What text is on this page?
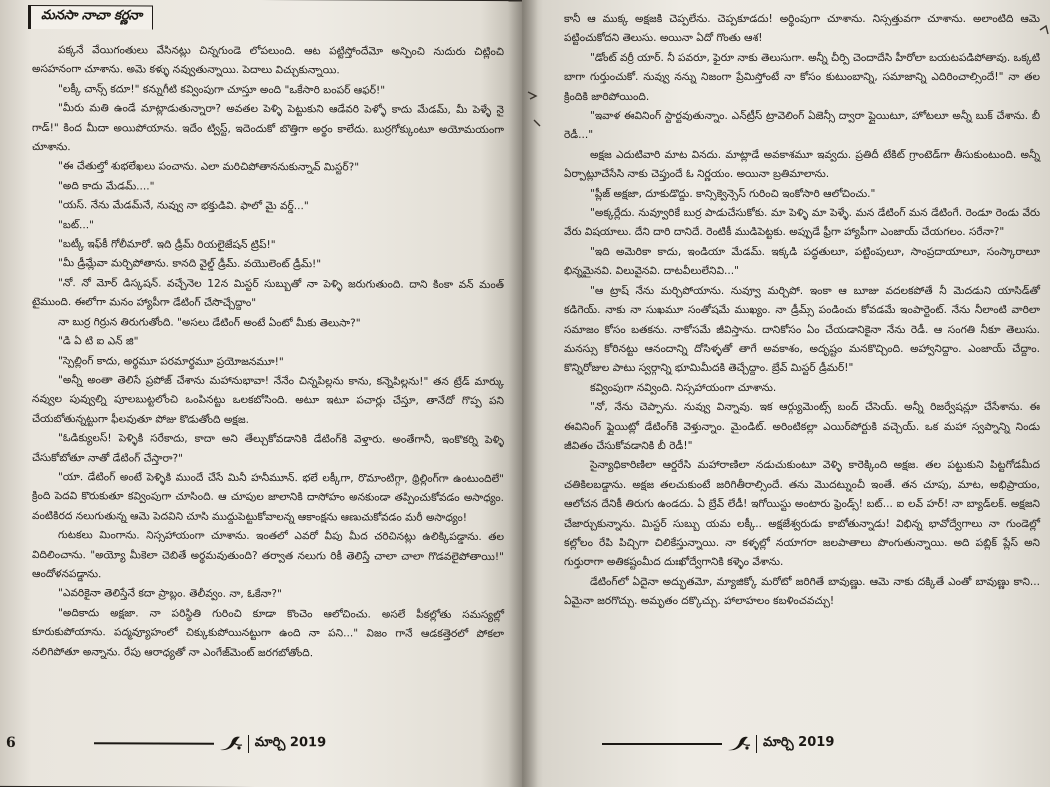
మనసా నాచా కర్ణనా

పక్కనే వేయిగంతులు వేసినట్లు చిన్నగుండె లోపలుంది. ఆట పట్టిస్తోందేమో అన్పించి నుదురు చిట్లించి అసహనంగా చూశాను. అమె కళ్ళు నవ్వుతున్నాయి. పెదాలు విచ్చుకున్నాయి.

"లక్కీ చాన్స్ కదూ!" కన్నుగీటి కవ్వింపుగా చూస్తూ అంది "ఒకేసారి బంపర్ ఆఫర్!"

"మీరు మతి ఉండే మాట్లాడుతున్నారా? అవతల పెళ్ళి పెట్టుకుని ఆడేవరి పెళ్ళో కాదు మేడమ్, మీ పెళ్ళే నై గాడ్!" కింద మీదా అయిపోయాను. ఇదేం ట్విస్ట్, ఇదెందుకో బొత్తిగా అర్థం కాలేదు. బుర్రగోక్కుంటూ అయోమయంగా చూశాను.

"ఈ చేతుల్తో శుభలేఖలు పంచాను. ఎలా మరిచిపోతాననుకున్నావ్ మిస్టర్?"

"అది కాదు మేడమ్...."

"యస్. నేను మేడమ్‌నే, నువ్వు నా భక్తుడివి. ఫాలో మై వర్డ్..."

"బట్..."

"బట్కీ ఇఫ్‌కీ గోలీమారో. ఇది డ్రీమ్ రియలైజేషన్ ట్రిప్!"

"మీ డ్రీమ్లేవా మర్చిపోతాను. కానది వైల్డ్ డ్రీమ్. వయొలెంట్ డ్రీమ్!"

"నో. నో మోర్ డిస్కషన్. వచ్చేనెల 12న మిస్టర్ సుబ్బుతో నా పెళ్ళి జరుగుతుంది. దాని కింకా వన్ మంత్ టైముంది. ఈలోగా మనం హ్యాపీగా డేటింగ్ చేసొచ్చేద్దాం"

నా బుర్ర గిర్రున తిరుగుతోంది. "అసలు డేటింగ్ అంటే ఏంటో మీకు తెలుసా?"

"డి ఏ టి ఐ ఎన్ జి"

"స్పెల్లింగ్ కాదు, అర్థమూ పరమార్థమూ ప్రయోజనమూ!"

"అన్నీ అంతా తెలిసే ప్రపోజ్ చేశాను మహానుభావా! నేనేం చిన్నపిల్లను కాను, కన్నెపిల్లను!" తన ట్రేడ్ మార్కు నవ్వుల పువ్వుల్ని పూలబుట్టలోంచి ఒంపినట్టు ఒలకబోసింది. అటూ ఇటూ పచార్లు చేస్తూ, తానేదో గొప్ప పని చేయబోతున్నట్టుగా ఫీలవుతూ పోజు కొడుతోంది అక్షజ.

"ఓడిక్యులస్! పెళ్ళికి సరేకాదు, కాదా అని తేల్చుకోవడానికి డేటింగ్‌కి వెళ్తారు. అంతేగానీ, ఇంకొకర్ని పెళ్ళి చేసుకోబోతూ నాతో డేటింగ్ చేస్తారా?"

"యా. డేటింగ్ అంటే పెళ్ళికి ముందే చేసే మినీ హనీమూన్. భలే లక్కీగా, రొమాంటిగ్గా, థ్రిల్లింగ్‌గా ఉంటుందిలే" క్రింది పెదవి కొరుకుతూ కవ్వింపుగా చూసింది. ఆ చూపుల జాలానికి దాసోహం అనకుండా తప్పించుకోవడం అసాధ్యం. వంటికిరద నలుగుతున్న ఆమె పెదవిని చూసి ముద్దుపెట్టుకోవాలన్న ఆకాంక్షను ఆణుచుకోవడం మరీ అసాధ్యం!

గుటకలు మింగాను. నిస్సహాయంగా చూశాను. ఇంతలో ఎవరో వీపు మీద చరిచినట్లు ఉలిక్కిపడ్డాను. తల విదిలించాను. "అయ్యో మీకెలా చెబితే అర్థమవుతుంది? తర్వాత నలుగు రికీ తెలిస్తే చాలా చాలా గొడవలైపోతాయి!" ఆందోళనపడ్డాను.

"ఎవరికైనా తెలిస్తేనే కదా ప్రాబ్లం. తెలీవ్వం. నా, ఓకేనా?"

"అదికాదు అక్షజా. నా పరిస్థితి గురించి కూడా కొంచెం ఆలోచించు. అసలే పీకల్లోతు సమస్యల్లో కూరుకుపోయాను. పద్మవ్యూహంలో చిక్కుకుపోయినట్టుగా ఉంది నా పని..." విజం గానే ఆడకత్తెరలో పోకలా నలిగిపోతూ అన్నాను. రేపు ఆరాధ్యతో నా ఎంగేజ్‌మెంట్ జరగబోతోంది.

6	మార్చి 2019

కానీ ఆ ముక్క అక్షజకి చెప్పలేను. చెప్పకూడదు! అర్థింపుగా చూశాను. నిస్సత్తువగా చూశాను. అలాంటిది ఆమె పట్టించుకోదని తెలుసు. అయినా ఏదో గొంతు ఆశ!

"డోంట్ వర్రీ యార్. నీ పవరూ, ఫైరూ నాకు తెలుసుగా. అన్నీ చీర్పి చెందాదేసి హీరోలా బయటపడిపోతావు. ఒక్కటి బాగా గుర్తుంచుకో. నువ్వు నన్ను నిజంగా ప్రేమిస్తోంటే నా కోసం కుటుంబాన్ని, సమాజాన్ని ఎదిరించాల్సిందే!" నా తల క్రిందికి జారిపోయింది.

"ఇవాళ ఈవినింగ్ స్టార్టవుతున్నాం. ఎన్‌ట్రీస్ ట్రావెలింగ్ ఏజెన్సీ ద్వారా ప్లైయిటూ, హోటలూ అన్నీ బుక్ చేశాను. బీ రెడీ..."

అక్షజ ఎదుటివారి మాట వినదు. మాట్లాడే అవకాశమూ ఇవ్వదు. ప్రతిదీ టేకిట్ గ్రాంటెడ్‌గా తీసుకుంటుంది. అన్నీ ఏర్పాట్లూచేసేసి నాకు చెప్తుందే ఓ నిర్ణయం. అయినా బ్రతిమాలాను.

"ప్లీజ్ అక్షజా, దూకుడొద్దు. కాన్సిక్వెన్సెస్ గురించి ఇంకోసారి ఆలోచించు."

"అక్కర్లేదు. నువ్వూరికే బుర్ర పాడుచేసుకోకు. మా పెళ్ళి మా పెళ్ళే. మన డేటింగ్ మన డేటింగే. రెండూ రెండు వేరు వేరు విషయాలు. దేని దారి దానిదే. రెంటికీ ముడిపెట్టకు. అప్పుడే ఫ్రీగా హ్యాపీగా ఎంజాయ్ చేయగలం. సరేనా?"

"ఇది అమెరికా కాదు, ఇండియా మేడమ్. ఇక్కడి పద్ధతులూ, పట్టింపులూ, సాంప్రదాయాలూ, సంస్కారాలూ భిన్నమైనవి. విలువైనవి. దాటవీలులేనివి..."

"ఆ ట్రాష్ నేను మర్చిపోయాను. నువ్వూ మర్చిపో. ఇంకా ఆ బూజు వదలకపోతే నీ మెదడుని యాసిడ్‌తో కడిగెయ్. నాకు నా సుఖమూ సంతోషమే ముఖ్యం. నా డ్రీమ్స్ పండించు కోవడమే ఇంపార్టెంట్. నేను నీలాంటి వారిలా సమాజం కోసం బతకను. నాకోసమే జీవిస్తాను. దానికోసం ఏం చేయడానికైనా నేను రెడీ. ఆ సంగతి నీకూ తెలుసు. మనస్సు కోరినట్టు ఆనందాన్ని దోసిళ్ళతో తాగే అవకాశం, అదృష్టం మనకొచ్చింది. అహ్వానిద్దాం. ఎంజాయ్ చేద్దాం. కొన్నిరోజుల పాటు స్వర్గాన్ని భూమిమీదకి తెచ్చేద్దాం. బ్రేవ్ మిస్టర్ డ్రీమర్!"

కవ్వింపుగా నవ్వింది. నిస్సహాయంగా చూశాను.

"నో, నేను చెప్పాను. నువ్వు విన్నావు. ఇక ఆర్గ్యుమెంట్స్ బంద్ చేసెయ్. అన్నీ రిజర్వేషన్లూ చేసేశాను. ఈ ఈవినింగ్ ఫ్లైయిట్లో డేటింగ్‌కి వెళ్తున్నాం. మైండిట్. అరింటికల్లా ఎయిర్‌పోర్టుకి వచ్చెయ్. ఒక మహా స్వప్నాన్ని నిండు జీవితం చేసుకోవడానికి బీ రెడీ!"

సైన్యాధికారిణిలా ఆర్డరేసి మహారాణిలా నడుచుకుంటూ వెళ్ళి కారెక్కింది అక్షజ. తల పట్టుకుని పిట్టగోడమీద చతికిలబడ్డాను. అక్షజ తలచుకుంటే జరిగితీరాల్సిందే. తను మొదట్నుంచీ ఇంతే. తన చూపు, మాట, అభిప్రాయం, ఆలోచన దేనికీ తిరుగు ఉండదు. ఏ బ్రేవ్ లేడీ! ఇగోయిస్టు అంటారు ఫ్రెండ్స్! బట్... ఐ లవ్ హర్! నా బ్యాడ్‌లక్. అక్షజని చేజార్చుకున్నాను. మిస్టర్ సుబ్బు యమ లక్కీ.. అక్షజేశ్వరుడు కాబోతున్నాడు! విభిన్న భావోద్వేగాలు నా గుండెల్లో కల్లోలం రేపి పిచ్చిగా చిలికేస్తున్నాయి. నా కళ్ళల్లో నయాగరా జలపాతాలు పొంగుతున్నాయి. అది పబ్లిక్ ప్లేస్ అని గుర్తురాగా అతికష్టంమీద దుఃఖోద్వేగానికి కళ్ళెం వేశాను.

డేటింగ్‌లో ఏదైనా అద్భుతమో, మ్యాజిక్కో మరోటో జరిగితే బావుణ్ణు. ఆమె నాకు దక్కితే ఎంతో బావుణ్ణు కాని... ఏమైనా జరగొచ్చు. అమృతం దక్కొచ్చు. హాలాహలం కబళించవచ్చు!

మార్చి 2019
